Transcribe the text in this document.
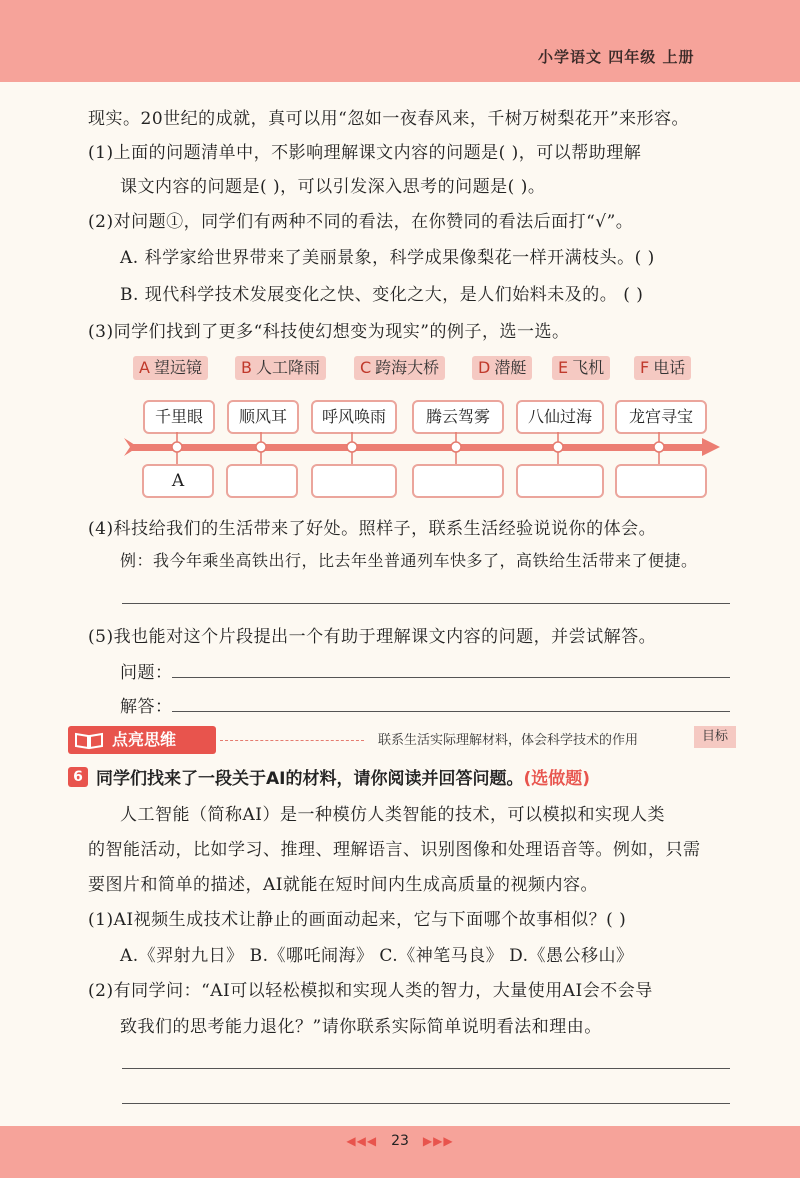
小学语文 四年级 上册
现实。20世纪的成就，真可以用“忽如一夜春风来，千树万树梨花开”来形容。
(1)上面的问题清单中，不影响理解课文内容的问题是( )，可以帮助理解
课文内容的问题是( )，可以引发深入思考的问题是( )。
(2)对问题①，同学们有两种不同的看法，在你赞同的看法后面打“√”。
A. 科学家给世界带来了美丽景象，科学成果像梨花一样开满枝头。( )
B. 现代科学技术发展变化之快、变化之大，是人们始料未及的。 ( )
(3)同学们找到了更多“科技使幻想变为现实”的例子，选一选。
A 望远镜	B 人工降雨	C 跨海大桥	D 潜艇	E 飞机	F 电话
千里眼	顺风耳	呼风唤雨	腾云驾雾	八仙过海	龙宫寻宝
A
(4)科技给我们的生活带来了好处。照样子，联系生活经验说说你的体会。
例：我今年乘坐高铁出行，比去年坐普通列车快多了，高铁给生活带来了便捷。
(5)我也能对这个片段提出一个有助于理解课文内容的问题，并尝试解答。
问题：
解答：
点亮思维	联系生活实际理解材料，体会科学技术的作用	目标
6 同学们找来了一段关于AI的材料，请你阅读并回答问题。(选做题)
人工智能（简称AI）是一种模仿人类智能的技术，可以模拟和实现人类
的智能活动，比如学习、推理、理解语言、识别图像和处理语音等。例如，只需
要图片和简单的描述，AI就能在短时间内生成高质量的视频内容。
(1)AI视频生成技术让静止的画面动起来，它与下面哪个故事相似？( )
A.《羿射九日》 B.《哪吒闹海》 C.《神笔马良》 D.《愚公移山》
(2)有同学问：“AI可以轻松模拟和实现人类的智力，大量使用AI会不会导
致我们的思考能力退化？”请你联系实际简单说明看法和理由。
◀◀◀ 23 ▶▶▶
